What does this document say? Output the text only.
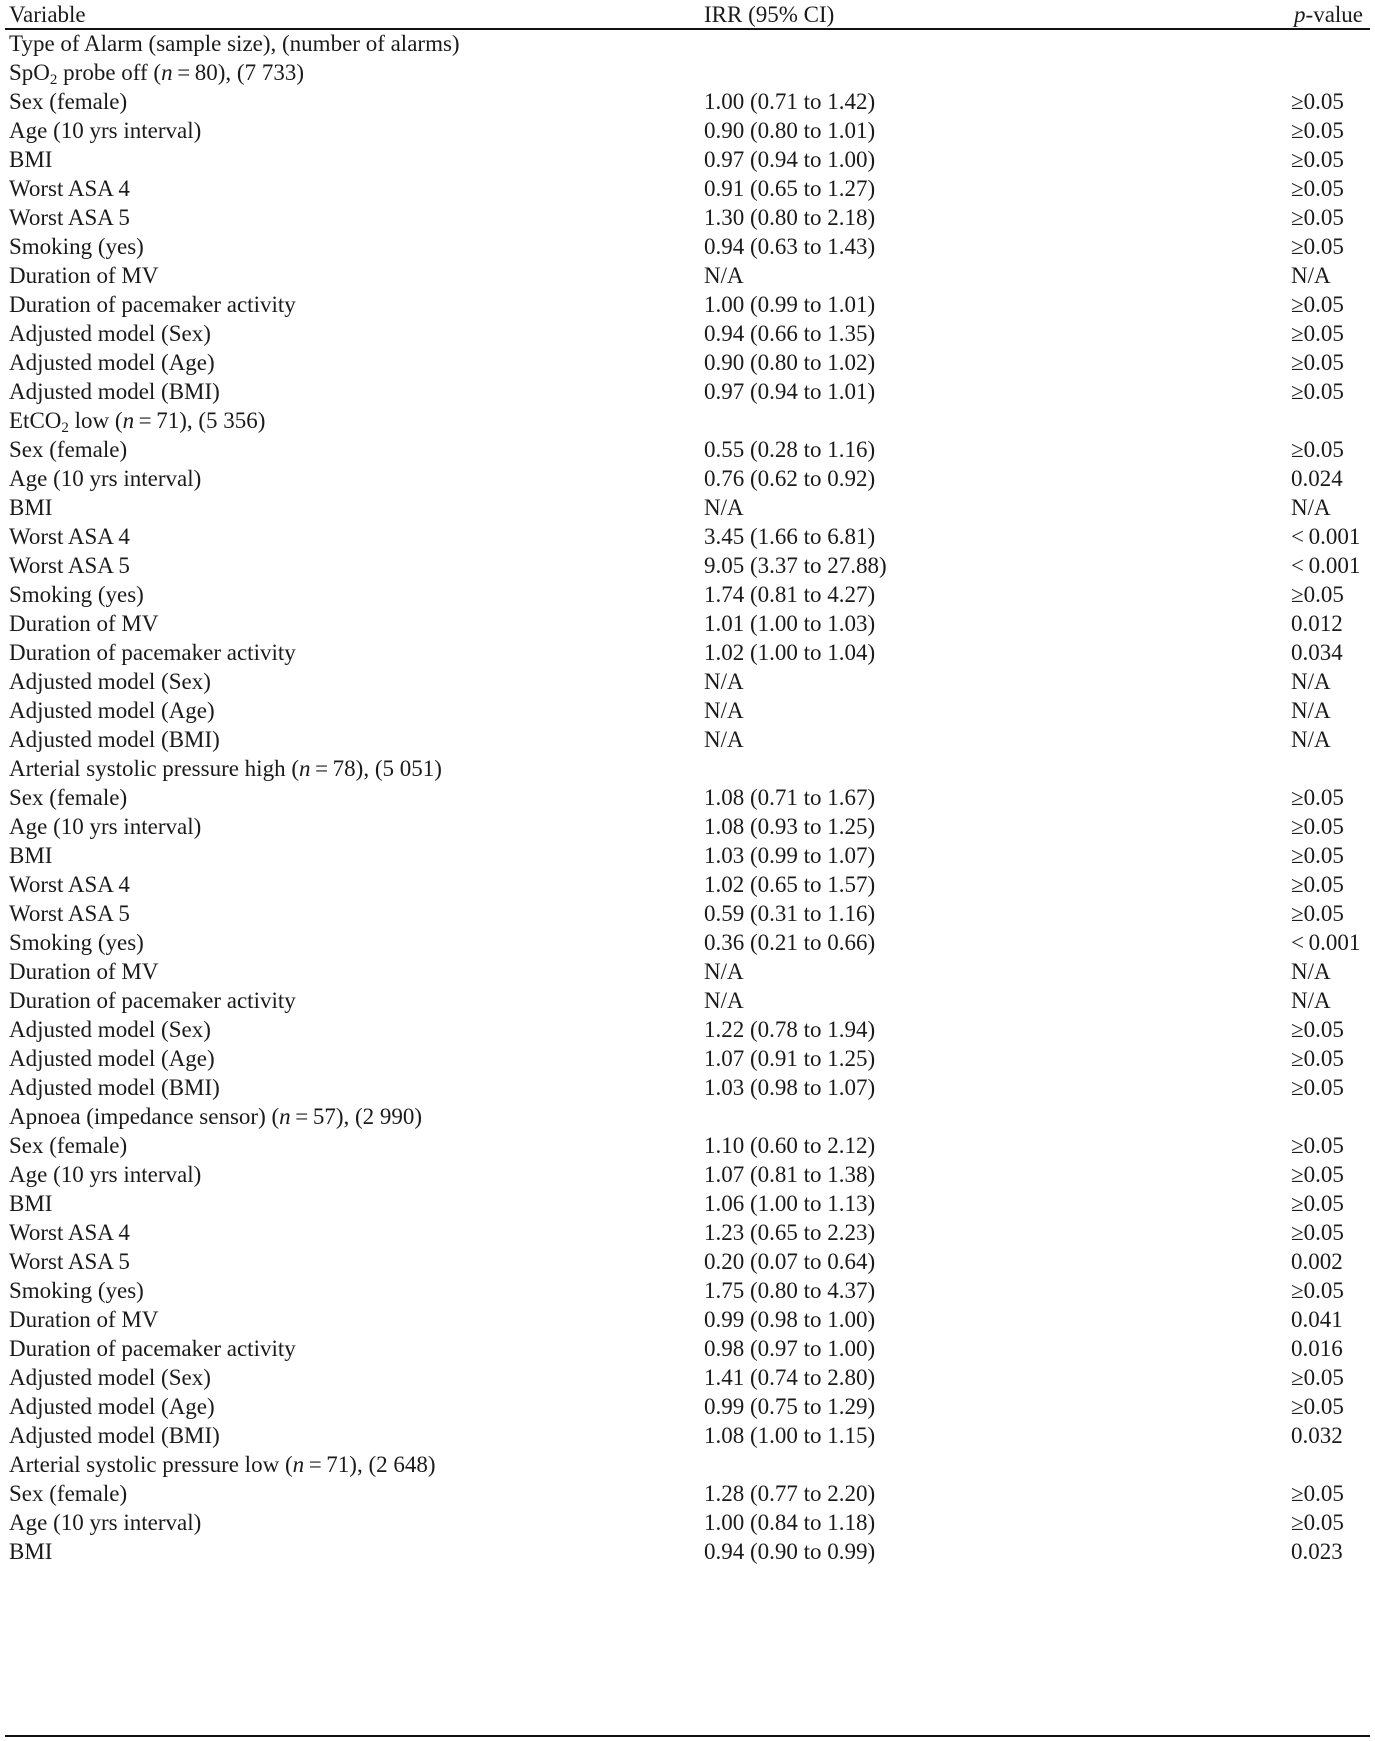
Variable	IRR (95% CI)	p-value
Type of Alarm (sample size), (number of alarms)
SpO$_2$ probe off (n = 80), (7 733)
Sex (female)	1.00 (0.71 to 1.42)	≥0.05
Age (10 yrs interval)	0.90 (0.80 to 1.01)	≥0.05
BMI	0.97 (0.94 to 1.00)	≥0.05
Worst ASA 4	0.91 (0.65 to 1.27)	≥0.05
Worst ASA 5	1.30 (0.80 to 2.18)	≥0.05
Smoking (yes)	0.94 (0.63 to 1.43)	≥0.05
Duration of MV	N/A	N/A
Duration of pacemaker activity	1.00 (0.99 to 1.01)	≥0.05
Adjusted model (Sex)	0.94 (0.66 to 1.35)	≥0.05
Adjusted model (Age)	0.90 (0.80 to 1.02)	≥0.05
Adjusted model (BMI)	0.97 (0.94 to 1.01)	≥0.05
EtCO$_2$ low (n = 71), (5 356)
Sex (female)	0.55 (0.28 to 1.16)	≥0.05
Age (10 yrs interval)	0.76 (0.62 to 0.92)	0.024
BMI	N/A	N/A
Worst ASA 4	3.45 (1.66 to 6.81)	< 0.001
Worst ASA 5	9.05 (3.37 to 27.88)	< 0.001
Smoking (yes)	1.74 (0.81 to 4.27)	≥0.05
Duration of MV	1.01 (1.00 to 1.03)	0.012
Duration of pacemaker activity	1.02 (1.00 to 1.04)	0.034
Adjusted model (Sex)	N/A	N/A
Adjusted model (Age)	N/A	N/A
Adjusted model (BMI)	N/A	N/A
Arterial systolic pressure high (n = 78), (5 051)
Sex (female)	1.08 (0.71 to 1.67)	≥0.05
Age (10 yrs interval)	1.08 (0.93 to 1.25)	≥0.05
BMI	1.03 (0.99 to 1.07)	≥0.05
Worst ASA 4	1.02 (0.65 to 1.57)	≥0.05
Worst ASA 5	0.59 (0.31 to 1.16)	≥0.05
Smoking (yes)	0.36 (0.21 to 0.66)	< 0.001
Duration of MV	N/A	N/A
Duration of pacemaker activity	N/A	N/A
Adjusted model (Sex)	1.22 (0.78 to 1.94)	≥0.05
Adjusted model (Age)	1.07 (0.91 to 1.25)	≥0.05
Adjusted model (BMI)	1.03 (0.98 to 1.07)	≥0.05
Apnoea (impedance sensor) (n = 57), (2 990)
Sex (female)	1.10 (0.60 to 2.12)	≥0.05
Age (10 yrs interval)	1.07 (0.81 to 1.38)	≥0.05
BMI	1.06 (1.00 to 1.13)	≥0.05
Worst ASA 4	1.23 (0.65 to 2.23)	≥0.05
Worst ASA 5	0.20 (0.07 to 0.64)	0.002
Smoking (yes)	1.75 (0.80 to 4.37)	≥0.05
Duration of MV	0.99 (0.98 to 1.00)	0.041
Duration of pacemaker activity	0.98 (0.97 to 1.00)	0.016
Adjusted model (Sex)	1.41 (0.74 to 2.80)	≥0.05
Adjusted model (Age)	0.99 (0.75 to 1.29)	≥0.05
Adjusted model (BMI)	1.08 (1.00 to 1.15)	0.032
Arterial systolic pressure low (n = 71), (2 648)
Sex (female)	1.28 (0.77 to 2.20)	≥0.05
Age (10 yrs interval)	1.00 (0.84 to 1.18)	≥0.05
BMI	0.94 (0.90 to 0.99)	0.023
